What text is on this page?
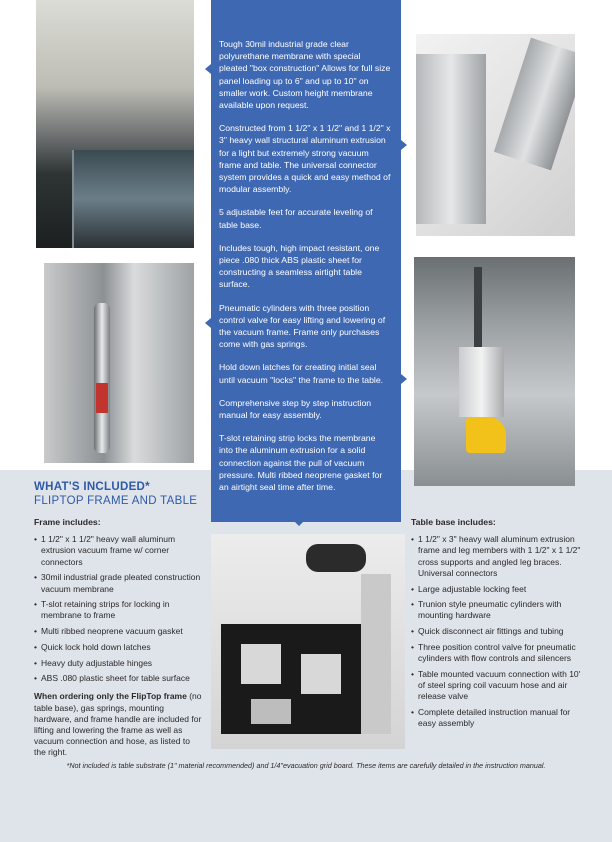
Tough 30mil industrial grade clear polyurethane membrane with special pleated "box construction" Allows for full size panel loading up to 6" and up to 10" on smaller work. Custom height membrane available upon request.

Constructed from 1 1/2" x 1 1/2" and 1 1/2" x 3" heavy wall structural aluminum extrusion for a light but extremely strong vacuum frame and table. The universal connector system provides a quick and easy method of modular assembly.

5 adjustable feet for accurate leveling of table base.

Includes tough, high impact resistant, one piece .080 thick ABS plastic sheet for constructing a seamless airtight table surface.

Pneumatic cylinders with three position control valve for easy lifting and lowering of the vacuum frame. Frame only purchases come with gas springs.

Hold down latches for creating initial seal until vacuum "locks" the frame to the table.

Comprehensive step by step instruction manual for easy assembly.

T-slot retaining strip locks the membrane into the aluminum extrusion for a solid connection against the pull of vacuum pressure. Multi ribbed neoprene gasket for an airtight seal time after time.

WHAT'S INCLUDED*
FLIPTOP FRAME AND TABLE
Frame includes:
• 1 1/2" x 1 1/2" heavy wall aluminum extrusion vacuum frame w/ corner connectors
• 30mil industrial grade pleated construction vacuum membrane
• T-slot retaining strips for locking in membrane to frame
• Multi ribbed neoprene vacuum gasket
• Quick lock hold down latches
• Heavy duty adjustable hinges
• ABS .080 plastic sheet for table surface
When ordering only the FlipTop frame (no table base), gas springs, mounting hardware, and frame handle are included for lifting and lowering the frame as well as vacuum connection and hose, as listed to the right.
Table base includes:
• 1 1/2" x 3" heavy wall aluminum extrusion frame and leg members with 1 1/2" x 1 1/2" cross supports and angled leg braces. Universal connectors
• Large adjustable locking feet
• Trunion style pneumatic cylinders with mounting hardware
• Quick disconnect air fittings and tubing
• Three position control valve for pneumatic cylinders with flow controls and silencers
• Table mounted vacuum connection with 10' of steel spring coil vacuum hose and air release valve
• Complete detailed instruction manual for easy assembly
*Not included is table substrate (1" material recommended) and 1/4"evacuation grid board. These items are carefully detailed in the instruction manual.
